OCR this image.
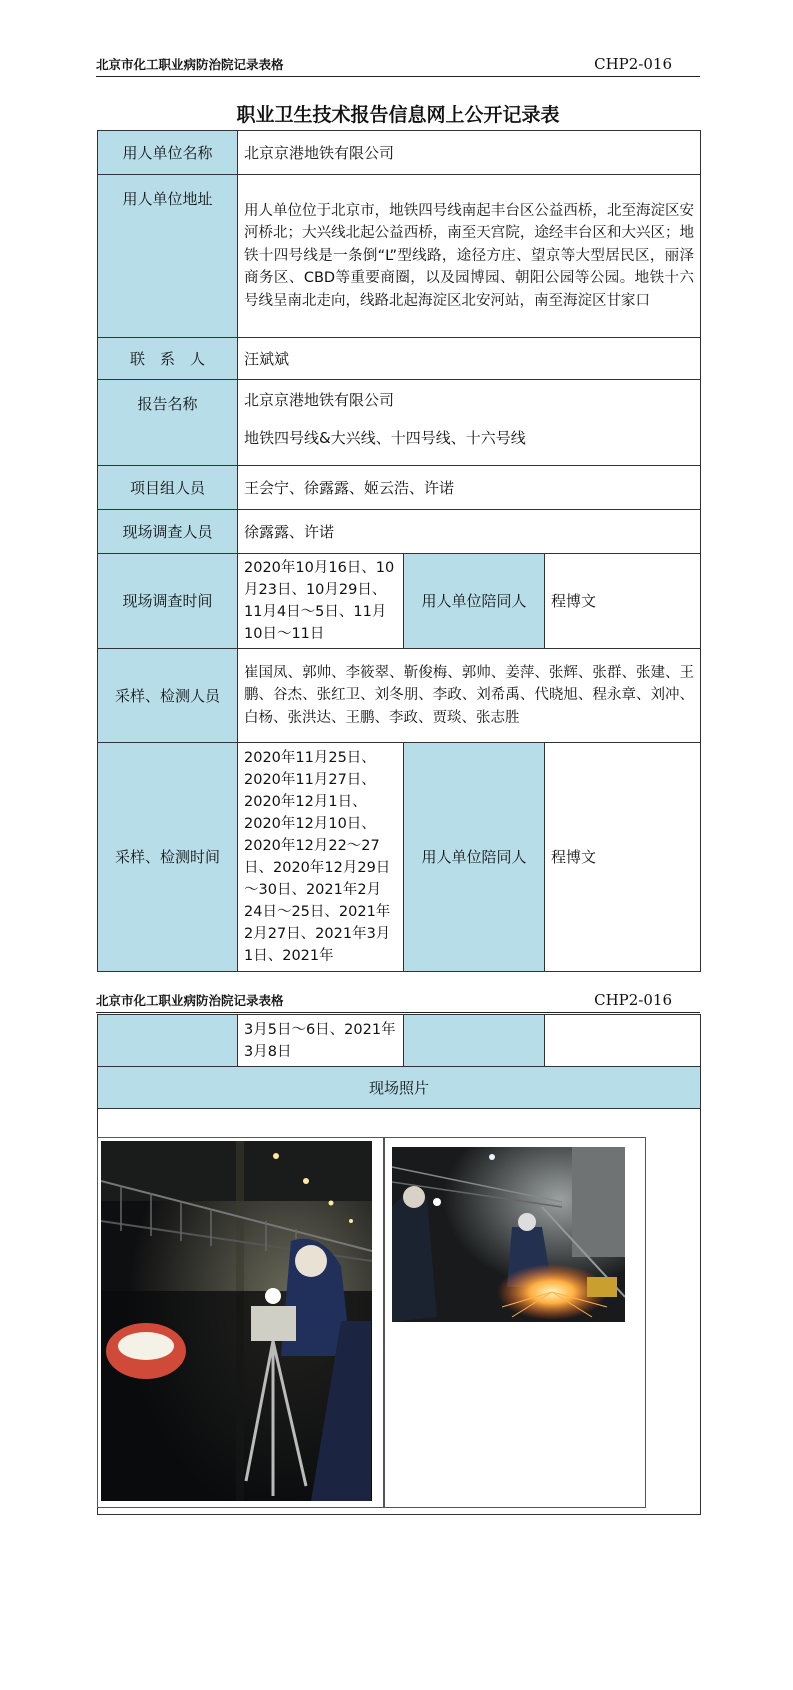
北京市化工职业病防治院记录表格	CHP2-016
职业卫生技术报告信息网上公开记录表
用人单位名称	北京京港地铁有限公司		
用人单位地址	用人单位位于北京市，地铁四号线南起丰台区公益西桥，北至海淀区安河桥北；大兴线北起公益西桥，南至天宫院，途经丰台区和大兴区；地铁十四号线是一条倒“L”型线路，途径方庄、望京等大型居民区，丽泽商务区、CBD等重要商圈，以及园博园、朝阳公园等公园。地铁十六号线呈南北走向，线路北起海淀区北安河站，南至海淀区甘家口		
联　系　人	汪斌斌		
报告名称	北京京港地铁有限公司
地铁四号线&大兴线、十四号线、十六号线		

项目组人员	王会宁、徐露露、姬云浩、许诺		
现场调查人员	徐露露、许诺		
现场调查时间	2020年10月16日、10月23日、10月29日、11月4日～5日、11月10日～11日	用人单位陪同人	程博文
采样、检测人员	崔国凤、郭帅、李筱翠、靳俊梅、郭帅、姜萍、张辉、张群、张建、王鹏、谷杰、张红卫、刘冬朋、李政、刘希禹、代晓旭、程永章、刘冲、白杨、张洪达、王鹏、李政、贾琰、张志胜		
采样、检测时间	2020年11月25日、2020年11月27日、2020年12月1日、2020年12月10日、2020年12月22～27日、2020年12月29日～30日、2021年2月24日～25日、2021年2月27日、2021年3月1日、2021年	用人单位陪同人	程博文
北京市化工职业病防治院记录表格	CHP2-016
	3月5日～6日、2021年3月8日		
现场照片
